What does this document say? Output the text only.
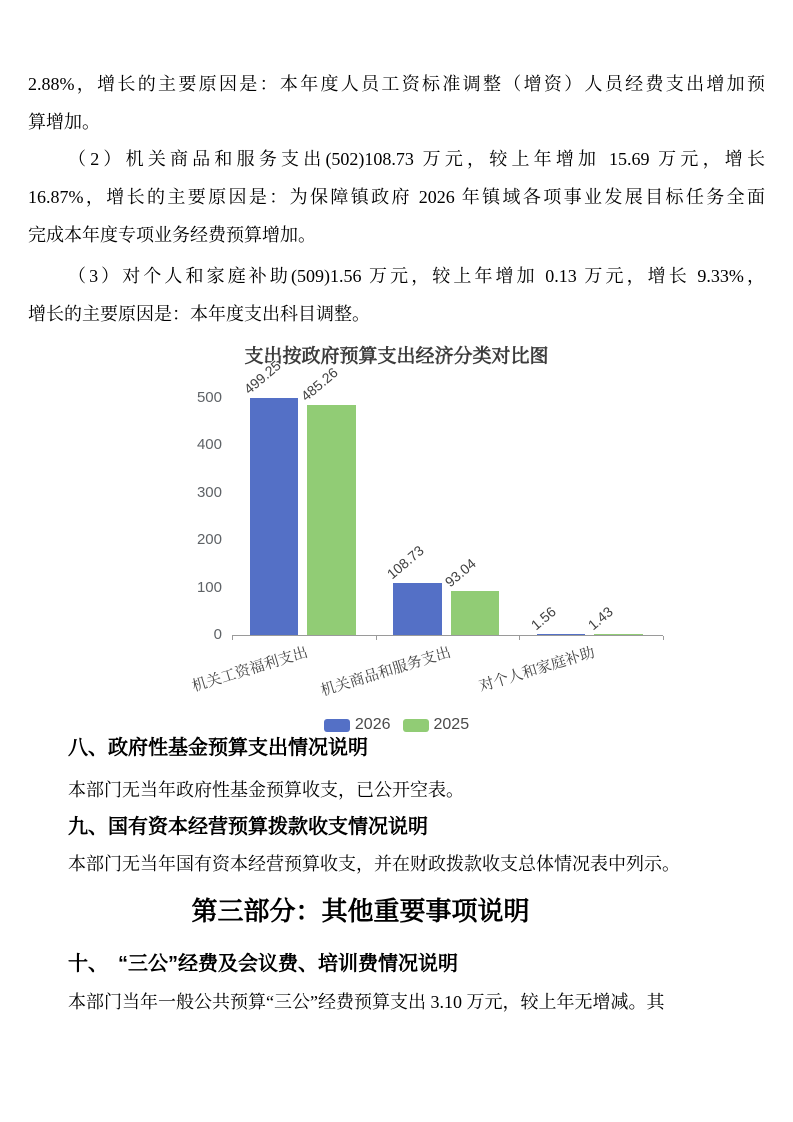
2.88%，增长的主要原因是：本年度人员工资标准调整（增资）人员经费支出增加预
算增加。
（2）机关商品和服务支出(502)108.73 万元，较上年增加 15.69 万元，增长
16.87%，增长的主要原因是：为保障镇政府 2026 年镇域各项事业发展目标任务全面
完成本年度专项业务经费预算增加。
（3）对个人和家庭补助(509)1.56 万元，较上年增加 0.13 万元，增长 9.33%，
增长的主要原因是：本年度支出科目调整。
支出按政府预算支出经济分类对比图
0
100
200
300
400
500
499.25 485.26
机关工资福利支出
108.73 93.04
机关商品和服务支出
1.56 1.43
对个人和家庭补助
2026	2025
八、政府性基金预算支出情况说明
本部门无当年政府性基金预算收支，已公开空表。
九、国有资本经营预算拨款收支情况说明
本部门无当年国有资本经营预算收支，并在财政拨款收支总体情况表中列示。
第三部分：其他重要事项说明
十、　“三公”经费及会议费、培训费情况说明
本部门当年一般公共预算“三公”经费预算支出 3.10 万元，较上年无增减。其
